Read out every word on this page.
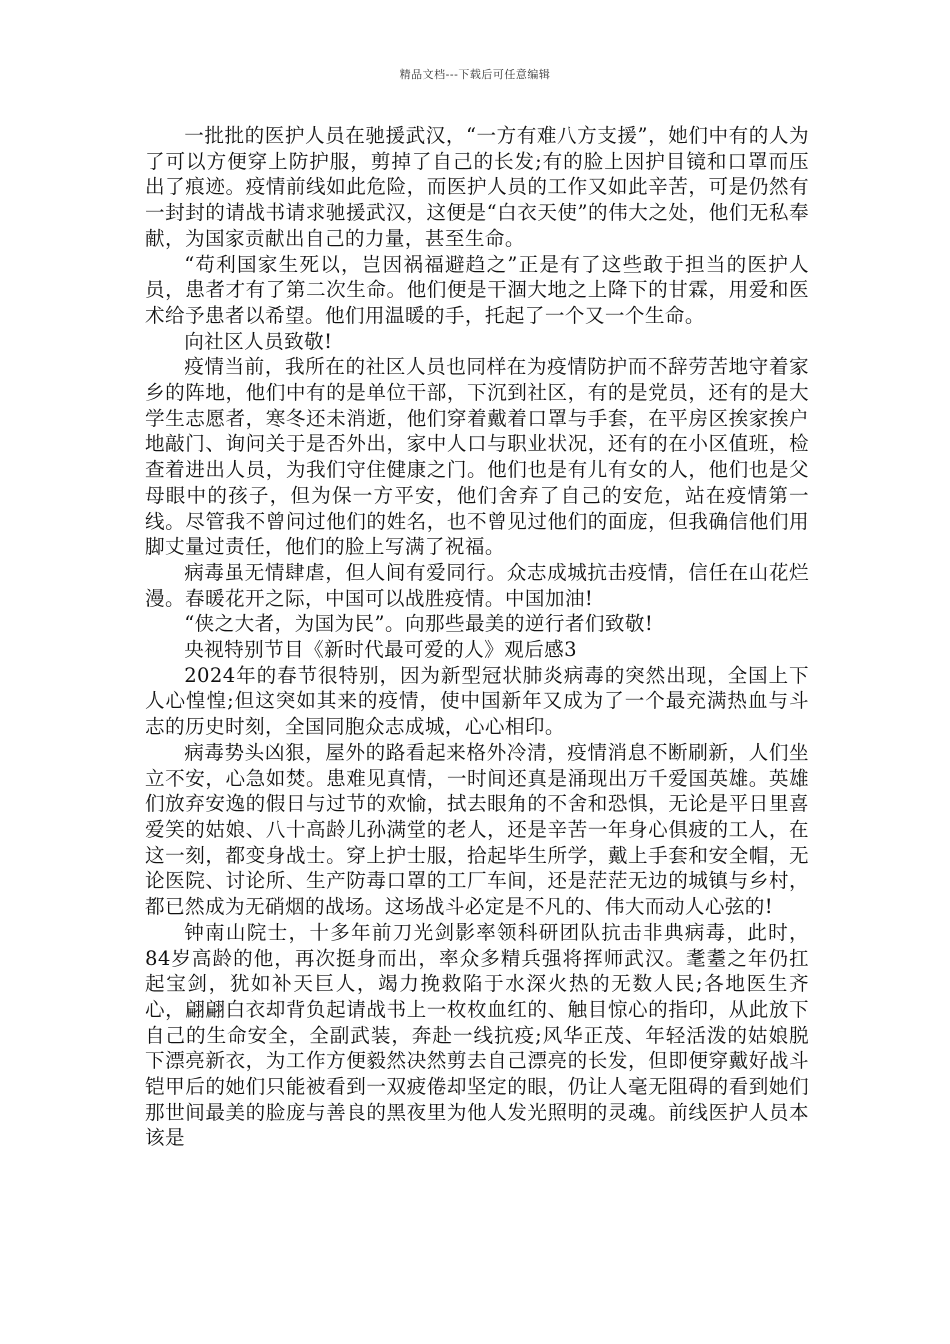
精品文档---下载后可任意编辑

一批批的医护人员在驰援武汉，“一方有难八方支援”，她们中有的人为了可以方便穿上防护服，剪掉了自己的长发;有的脸上因护目镜和口罩而压出了痕迹。疫情前线如此危险，而医护人员的工作又如此辛苦，可是仍然有一封封的请战书请求驰援武汉，这便是“白衣天使”的伟大之处，他们无私奉献，为国家贡献出自己的力量，甚至生命。

“苟利国家生死以，岂因祸福避趋之”正是有了这些敢于担当的医护人员，患者才有了第二次生命。他们便是干涸大地之上降下的甘霖，用爱和医术给予患者以希望。他们用温暖的手，托起了一个又一个生命。

向社区人员致敬!

疫情当前，我所在的社区人员也同样在为疫情防护而不辞劳苦地守着家乡的阵地，他们中有的是单位干部，下沉到社区，有的是党员，还有的是大学生志愿者，寒冬还未消逝，他们穿着戴着口罩与手套，在平房区挨家挨户地敲门、询问关于是否外出，家中人口与职业状况，还有的在小区值班，检查着进出人员，为我们守住健康之门。他们也是有儿有女的人，他们也是父母眼中的孩子，但为保一方平安，他们舍弃了自己的安危，站在疫情第一线。尽管我不曾问过他们的姓名，也不曾见过他们的面庞，但我确信他们用脚丈量过责任，他们的脸上写满了祝福。

病毒虽无情肆虐，但人间有爱同行。众志成城抗击疫情，信任在山花烂漫。春暖花开之际，中国可以战胜疫情。中国加油!

“侠之大者，为国为民”。向那些最美的逆行者们致敬!

央视特别节目《新时代最可爱的人》观后感3

2024年的春节很特别，因为新型冠状肺炎病毒的突然出现，全国上下人心惶惶;但这突如其来的疫情，使中国新年又成为了一个最充满热血与斗志的历史时刻，全国同胞众志成城，心心相印。

病毒势头凶狠，屋外的路看起来格外冷清，疫情消息不断刷新，人们坐立不安，心急如焚。患难见真情，一时间还真是涌现出万千爱国英雄。英雄们放弃安逸的假日与过节的欢愉，拭去眼角的不舍和恐惧，无论是平日里喜爱笑的姑娘、八十高龄儿孙满堂的老人，还是辛苦一年身心俱疲的工人，在这一刻，都变身战士。穿上护士服，拾起毕生所学，戴上手套和安全帽，无论医院、讨论所、生产防毒口罩的工厂车间，还是茫茫无边的城镇与乡村，都已然成为无硝烟的战场。这场战斗必定是不凡的、伟大而动人心弦的!

钟南山院士，十多年前刀光剑影率领科研团队抗击非典病毒，此时，84岁高龄的他，再次挺身而出，率众多精兵强将挥师武汉。耄耋之年仍扛起宝剑，犹如补天巨人，竭力挽救陷于水深火热的无数人民;各地医生齐心，翩翩白衣却背负起请战书上一枚枚血红的、触目惊心的指印，从此放下自己的生命安全，全副武装，奔赴一线抗疫;风华正茂、年轻活泼的姑娘脱下漂亮新衣，为工作方便毅然决然剪去自己漂亮的长发，但即便穿戴好战斗铠甲后的她们只能被看到一双疲倦却坚定的眼，仍让人毫无阻碍的看到她们那世间最美的脸庞与善良的黑夜里为他人发光照明的灵魂。前线医护人员本该是
